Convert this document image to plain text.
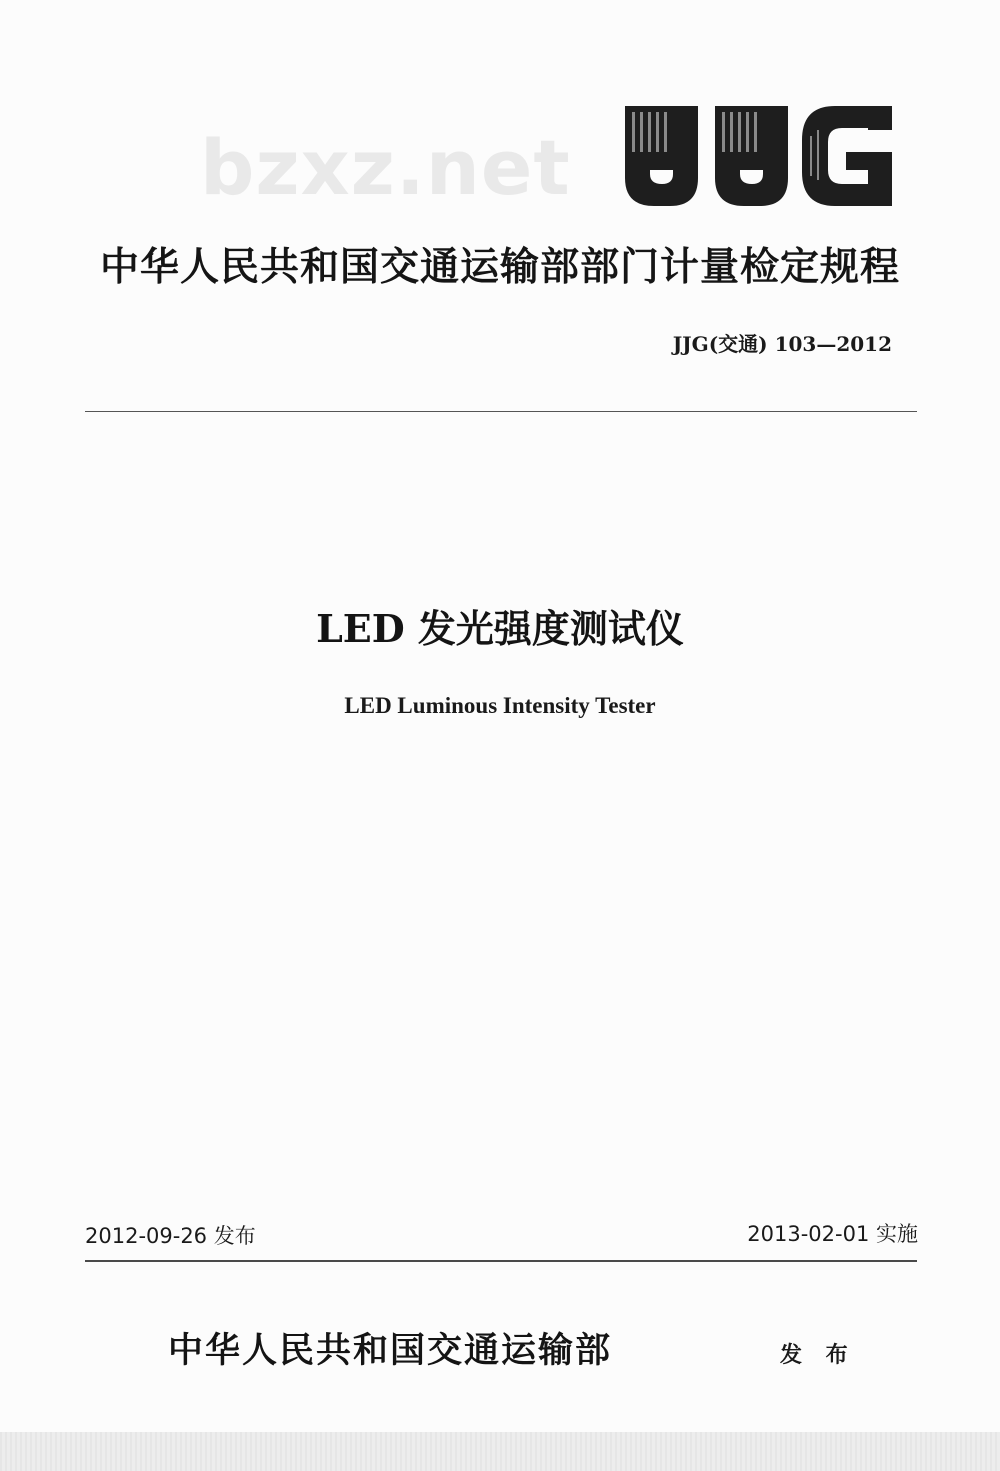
bzxz.net
中华人民共和国交通运输部部门计量检定规程
JJG(交通) 103—2012
LED 发光强度测试仪
LED Luminous Intensity Tester
2012-09-26 发布	2013-02-01 实施
中华人民共和国交通运输部	发 布
